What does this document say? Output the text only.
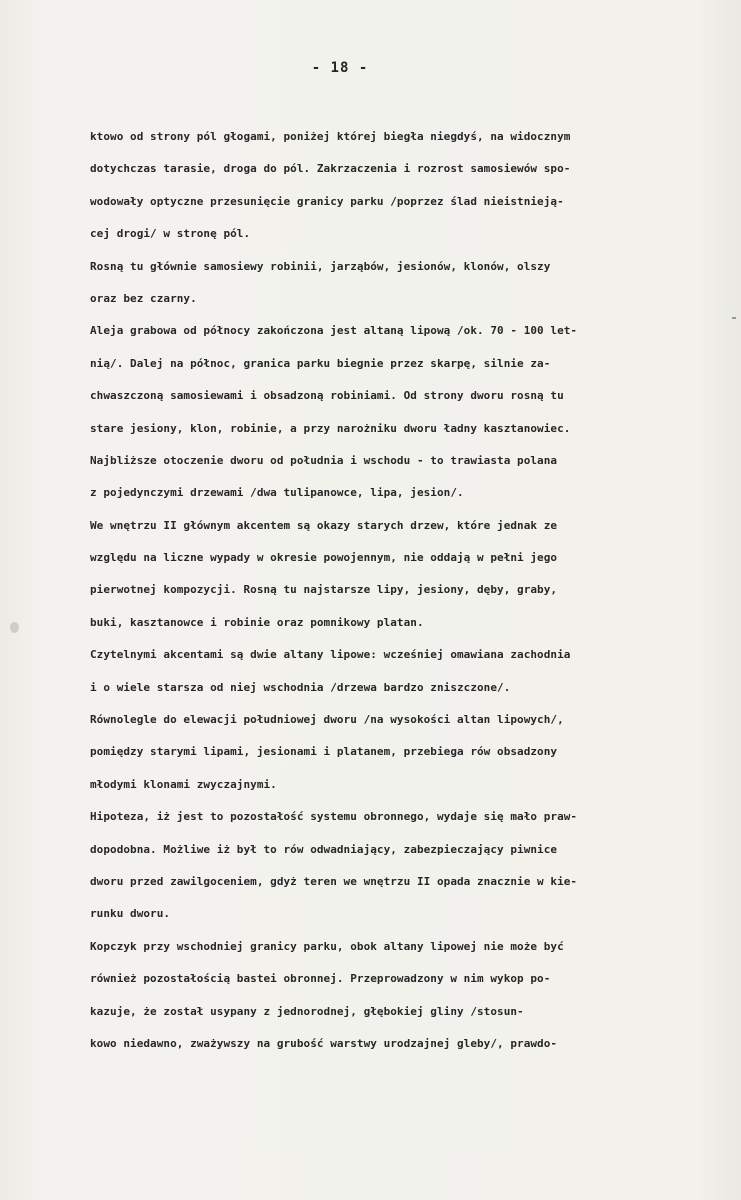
- 18 -
ktowo od strony pól głogami, poniżej której biegła niegdyś, na widocznym
dotychczas tarasie, droga do pól. Zakrzaczenia i rozrost samosiewów spo-
wodowały optyczne przesunięcie granicy parku /poprzez ślad nieistnieją-
cej drogi/ w stronę pól.
Rosną tu głównie samosiewy robinii, jarząbów, jesionów, klonów, olszy
oraz bez czarny.
Aleja grabowa od północy zakończona jest altaną lipową /ok. 70 - 100 let-
nią/. Dalej na północ, granica parku biegnie przez skarpę, silnie za-
chwaszczoną samosiewami i obsadzoną robiniami. Od strony dworu rosną tu
stare jesiony, klon, robinie, a przy narożniku dworu ładny kasztanowiec.
Najbliższe otoczenie dworu od południa i wschodu - to trawiasta polana
z pojedynczymi drzewami /dwa tulipanowce, lipa, jesion/.
We wnętrzu II głównym akcentem są okazy starych drzew, które jednak ze
względu na liczne wypady w okresie powojennym, nie oddają w pełni jego
pierwotnej kompozycji. Rosną tu najstarsze lipy, jesiony, dęby, graby,
buki, kasztanowce i robinie oraz pomnikowy platan.
Czytelnymi akcentami są dwie altany lipowe: wcześniej omawiana zachodnia
i o wiele starsza od niej wschodnia /drzewa bardzo zniszczone/.
Równolegle do elewacji południowej dworu /na wysokości altan lipowych/,
pomiędzy starymi lipami, jesionami i platanem, przebiega rów obsadzony
młodymi klonami zwyczajnymi.
Hipoteza, iż jest to pozostałość systemu obronnego, wydaje się mało praw-
dopodobna. Możliwe iż był to rów odwadniający, zabezpieczający piwnice
dworu przed zawilgoceniem, gdyż teren we wnętrzu II opada znacznie w kie-
runku dworu.
Kopczyk przy wschodniej granicy parku, obok altany lipowej nie może być
również pozostałością bastei obronnej. Przeprowadzony w nim wykop po-
kazuje, że został usypany z jednorodnej, głębokiej gliny /stosun-
kowo niedawno, zważywszy na grubość warstwy urodzajnej gleby/, prawdo-
